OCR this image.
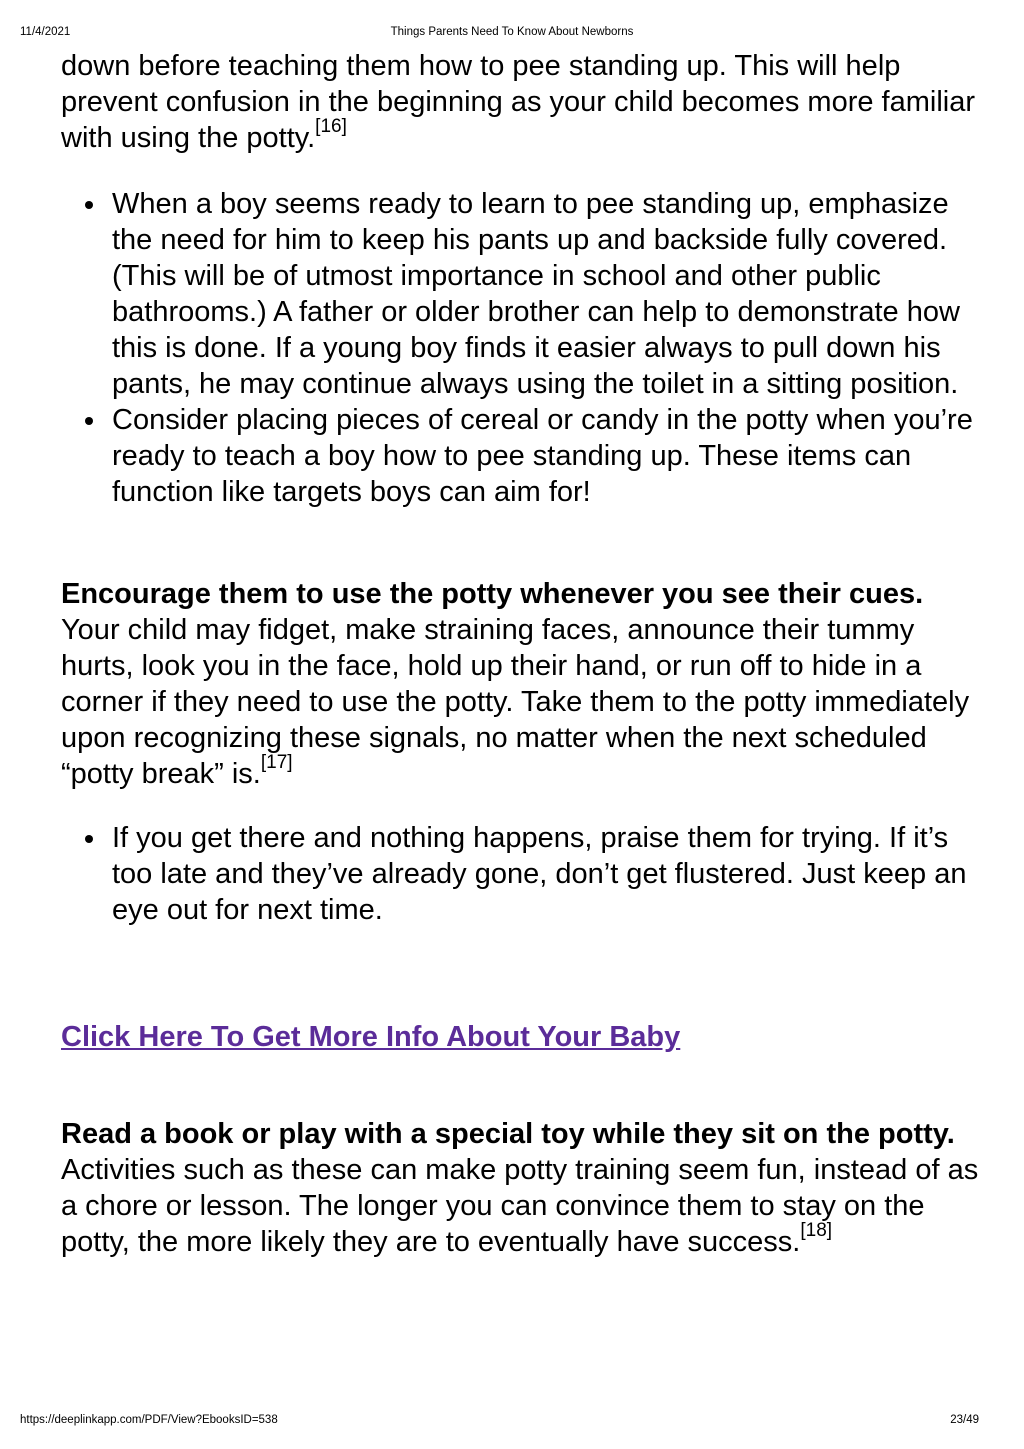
11/4/2021	Things Parents Need To Know About Newborns

down before teaching them how to pee standing up. This will help prevent confusion in the beginning as your child becomes more familiar with using the potty.[16]

When a boy seems ready to learn to pee standing up, emphasize the need for him to keep his pants up and backside fully covered. (This will be of utmost importance in school and other public bathrooms.) A father or older brother can help to demonstrate how this is done. If a young boy finds it easier always to pull down his pants, he may continue always using the toilet in a sitting position.
Consider placing pieces of cereal or candy in the potty when you’re ready to teach a boy how to pee standing up. These items can function like targets boys can aim for!

Encourage them to use the potty whenever you see their cues. Your child may fidget, make straining faces, announce their tummy hurts, look you in the face, hold up their hand, or run off to hide in a corner if they need to use the potty. Take them to the potty immediately upon recognizing these signals, no matter when the next scheduled “potty break” is.[17]

If you get there and nothing happens, praise them for trying. If it’s too late and they’ve already gone, don’t get flustered. Just keep an eye out for next time.

Click Here To Get More Info About Your Baby

Read a book or play with a special toy while they sit on the potty. Activities such as these can make potty training seem fun, instead of as a chore or lesson. The longer you can convince them to stay on the potty, the more likely they are to eventually have success.[18]

https://deeplinkapp.com/PDF/View?EbooksID=538	23/49
